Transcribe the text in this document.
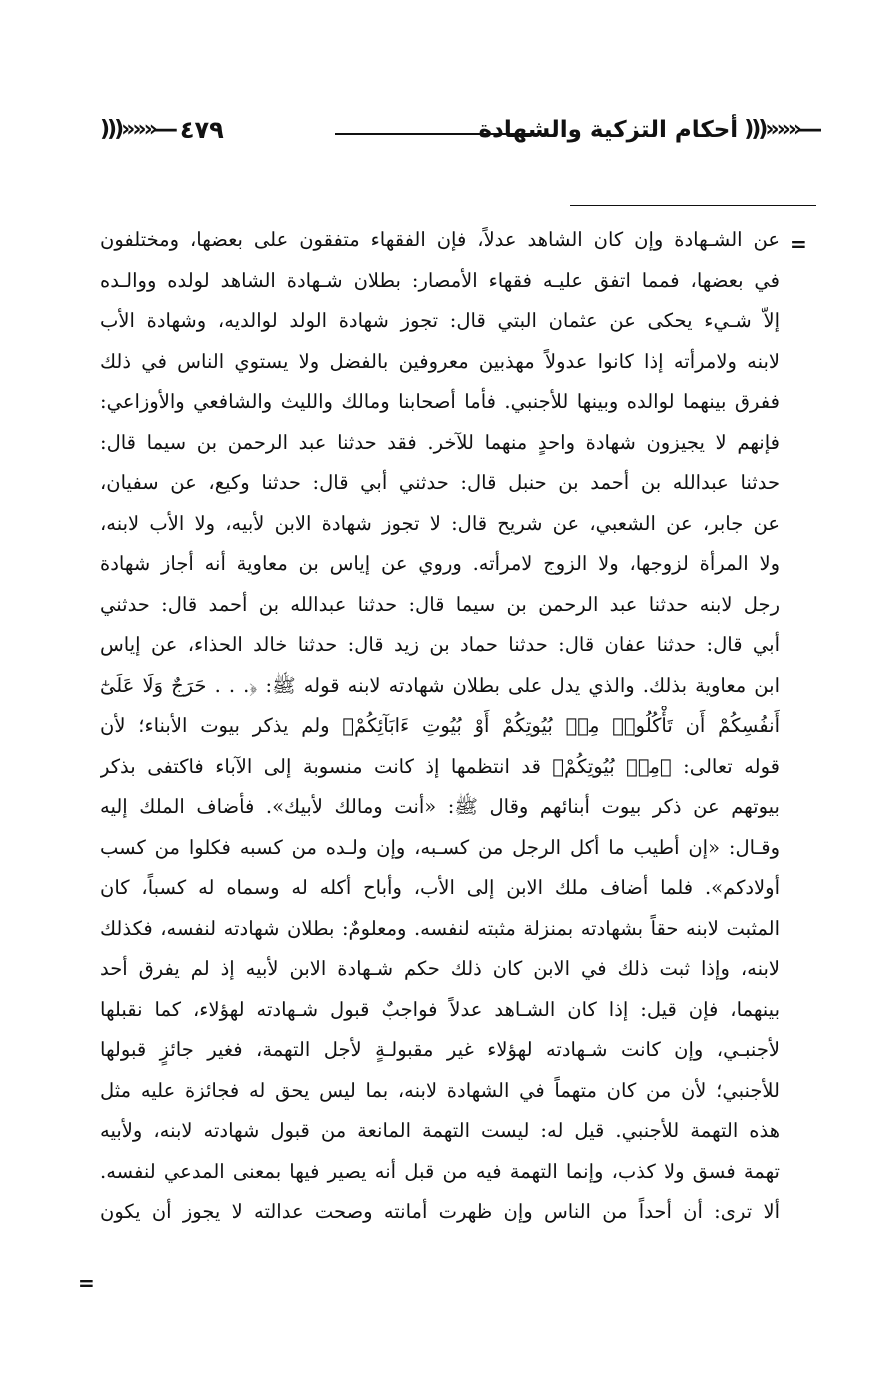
―«««(((
أحكام التزكية والشهادة
)))»»»― ٤٧٩
=
عن الشـهادة وإن كان الشاهد عدلاً، فإن الفقهاء متفقون على بعضها، ومختلفون
في بعضها، فمما اتفق عليـه فقهاء الأمصار: بطلان شـهادة الشاهد لولده ووالـده
إلاّ شـيء يحكى عن عثمان البتي قال: تجوز شهادة الولد لوالديه، وشهادة الأب
لابنه ولامرأته إذا كانوا عدولاً مهذبين معروفين بالفضل ولا يستوي الناس في ذلك
ففرق بينهما لوالده وبينها للأجنبي. فأما أصحابنا ومالك والليث والشافعي والأوزاعي:
فإنهم لا يجيزون شهادة واحدٍ منهما للآخر. فقد حدثنا عبد الرحمن بن سيما قال:
حدثنا عبدالله بن أحمد بن حنبل قال: حدثني أبي قال: حدثنا وكيع، عن سفيان،
عن جابر، عن الشعبي، عن شريح قال: لا تجوز شهادة الابن لأبيه، ولا الأب لابنه،
ولا المرأة لزوجها، ولا الزوج لامرأته. وروي عن إياس بن معاوية أنه أجاز شهادة
رجل لابنه حدثنا عبد الرحمن بن سيما قال: حدثنا عبدالله بن أحمد قال: حدثني
أبي قال: حدثنا عفان قال: حدثنا حماد بن زيد قال: حدثنا خالد الحذاء، عن إياس
ابن معاوية بذلك. والذي يدل على بطلان شهادته لابنه قوله ﷺ: ﴿. . . حَرَجٌ وَلَا عَلَىٰٓ
أَنفُسِكُمْ أَن تَأْكُلُوا۟ مِنۢ بُيُوتِكُمْ أَوْ بُيُوتِ ءَابَآئِكُمْ﴾ ولم يذكر بيوت الأبناء؛ لأن
قوله تعالى: ﴿مِنۢ بُيُوتِكُمْ﴾ قد انتظمها إذ كانت منسوبة إلى الآباء فاكتفى بذكر
بيوتهم عن ذكر بيوت أبنائهم وقال ﷺ: «أنت ومالك لأبيك». فأضاف الملك إليه
وقـال: «إن أطيب ما أكل الرجل من كسـبه، وإن ولـده من كسبه فكلوا من كسب
أولادكم». فلما أضاف ملك الابن إلى الأب، وأباح أكله له وسماه له كسباً، كان
المثبت لابنه حقاً بشهادته بمنزلة مثبته لنفسه. ومعلومٌ: بطلان شهادته لنفسه، فكذلك
لابنه، وإذا ثبت ذلك في الابن كان ذلك حكم شـهادة الابن لأبيه إذ لم يفرق أحد
بينهما، فإن قيل: إذا كان الشـاهد عدلاً فواجبٌ قبول شـهادته لهؤلاء، كما نقبلها
لأجنبـي، وإن كانت شـهادته لهؤلاء غير مقبولـةٍ لأجل التهمة، فغير جائزٍ قبولها
للأجنبي؛ لأن من كان متهماً في الشهادة لابنه، بما ليس يحق له فجائزة عليه مثل
هذه التهمة للأجنبي. قيل له: ليست التهمة المانعة من قبول شهادته لابنه، ولأبيه
تهمة فسق ولا كذب، وإنما التهمة فيه من قبل أنه يصير فيها بمعنى المدعي لنفسه.
ألا ترى: أن أحداً من الناس وإن ظهرت أمانته وصحت عدالته لا يجوز أن يكون
=
